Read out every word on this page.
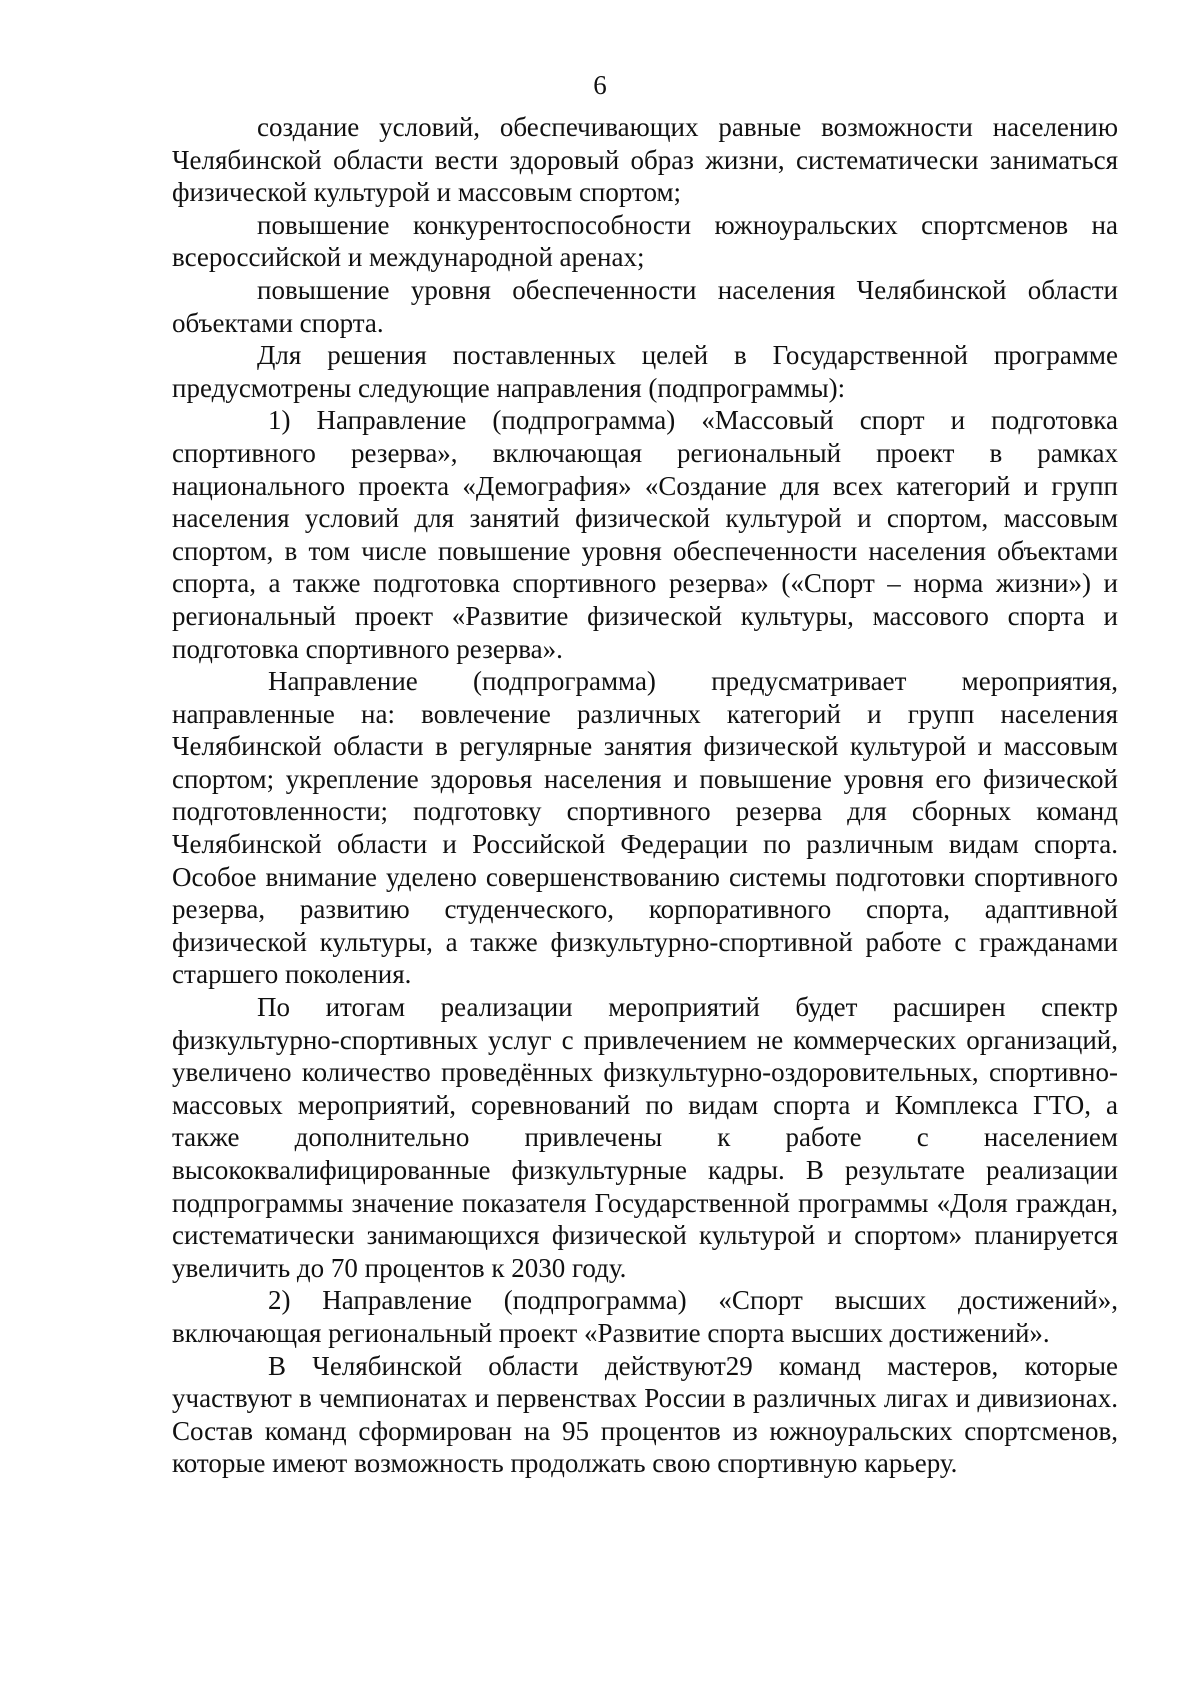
6

создание условий, обеспечивающих равные возможности населению Челябинской области вести здоровый образ жизни, систематически заниматься физической культурой и массовым спортом;

повышение конкурентоспособности южноуральских спортсменов на всероссийской и международной аренах;

повышение уровня обеспеченности населения Челябинской области объектами спорта.

Для решения поставленных целей в Государственной программе предусмотрены следующие направления (подпрограммы):

1) Направление (подпрограмма) «Массовый спорт и подготовка спортивного резерва», включающая региональный проект в рамках национального проекта «Демография» «Создание для всех категорий и групп населения условий для занятий физической культурой и спортом, массовым спортом, в том числе повышение уровня обеспеченности населения объектами спорта, а также подготовка спортивного резерва» («Спорт – норма жизни») и региональный проект «Развитие физической культуры, массового спорта и подготовка спортивного резерва».

Направление (подпрограмма) предусматривает мероприятия, направленные на: вовлечение различных категорий и групп населения Челябинской области в регулярные занятия физической культурой и массовым спортом; укрепление здоровья населения и повышение уровня его физической подготовленности; подготовку спортивного резерва для сборных команд Челябинской области и Российской Федерации по различным видам спорта. Особое внимание уделено совершенствованию системы подготовки спортивного резерва, развитию студенческого, корпоративного спорта, адаптивной физической культуры, а также физкультурно-спортивной работе с гражданами старшего поколения.

По итогам реализации мероприятий будет расширен спектр физкультурно-спортивных услуг с привлечением не коммерческих организаций, увеличено количество проведённых физкультурно-оздоровительных, спортивно-массовых мероприятий, соревнований по видам спорта и Комплекса ГТО, а также дополнительно привлечены к работе с населением высококвалифицированные физкультурные кадры. В результате реализации подпрограммы значение показателя Государственной программы «Доля граждан, систематически занимающихся физической культурой и спортом» планируется увеличить до 70 процентов к 2030 году.

2) Направление (подпрограмма) «Спорт высших достижений», включающая региональный проект «Развитие спорта высших достижений».

В Челябинской области действуют29 команд мастеров, которые участвуют в чемпионатах и первенствах России в различных лигах и дивизионах. Состав команд сформирован на 95 процентов из южноуральских спортсменов, которые имеют возможность продолжать свою спортивную карьеру.
